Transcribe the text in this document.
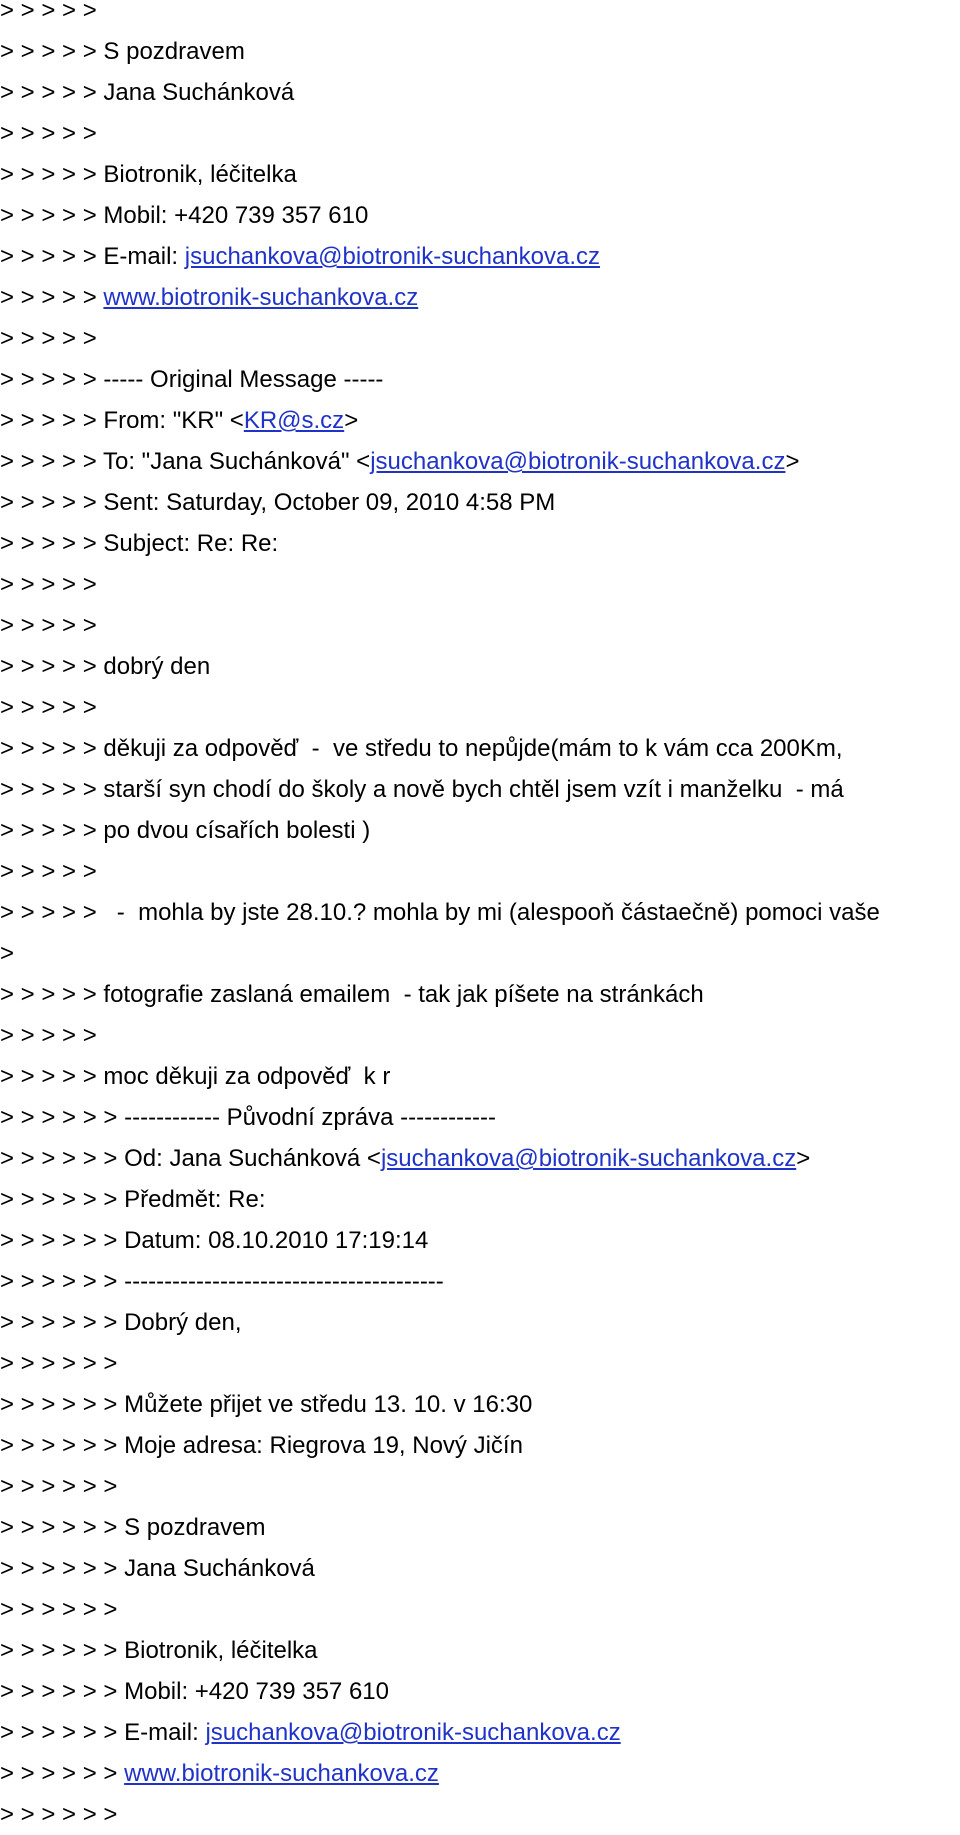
> > > > >
> > > > > S pozdravem
> > > > > Jana Suchánková
> > > > >
> > > > > Biotronik, léčitelka
> > > > > Mobil: +420 739 357 610
> > > > > E-mail: jsuchankova@biotronik-suchankova.cz
> > > > > www.biotronik-suchankova.cz
> > > > >
> > > > > ----- Original Message -----
> > > > > From: "KR" <KR@s.cz>
> > > > > To: "Jana Suchánková" <jsuchankova@biotronik-suchankova.cz>
> > > > > Sent: Saturday, October 09, 2010 4:58 PM
> > > > > Subject: Re: Re:
> > > > >
> > > > >
> > > > > dobrý den
> > > > >
> > > > > děkuji za odpověď  -  ve středu to nepůjde(mám to k vám cca 200Km,
> > > > > starší syn chodí do školy a nově bych chtěl jsem vzít i manželku  - má
> > > > > po dvou císařích bolesti )
> > > > >
> > > > >   -  mohla by jste 28.10.? mohla by mi (alespooň částaečně) pomoci vaše
>
> > > > > fotografie zaslaná emailem  - tak jak píšete na stránkách
> > > > >
> > > > > moc děkuji za odpověď  k r
> > > > > > ------------ Původní zpráva ------------
> > > > > > Od: Jana Suchánková <jsuchankova@biotronik-suchankova.cz>
> > > > > > Předmět: Re:
> > > > > > Datum: 08.10.2010 17:19:14
> > > > > > ----------------------------------------
> > > > > > Dobrý den,
> > > > > >
> > > > > > Můžete přijet ve středu 13. 10. v 16:30
> > > > > > Moje adresa: Riegrova 19, Nový Jičín
> > > > > >
> > > > > > S pozdravem
> > > > > > Jana Suchánková
> > > > > >
> > > > > > Biotronik, léčitelka
> > > > > > Mobil: +420 739 357 610
> > > > > > E-mail: jsuchankova@biotronik-suchankova.cz
> > > > > > www.biotronik-suchankova.cz
> > > > > >
